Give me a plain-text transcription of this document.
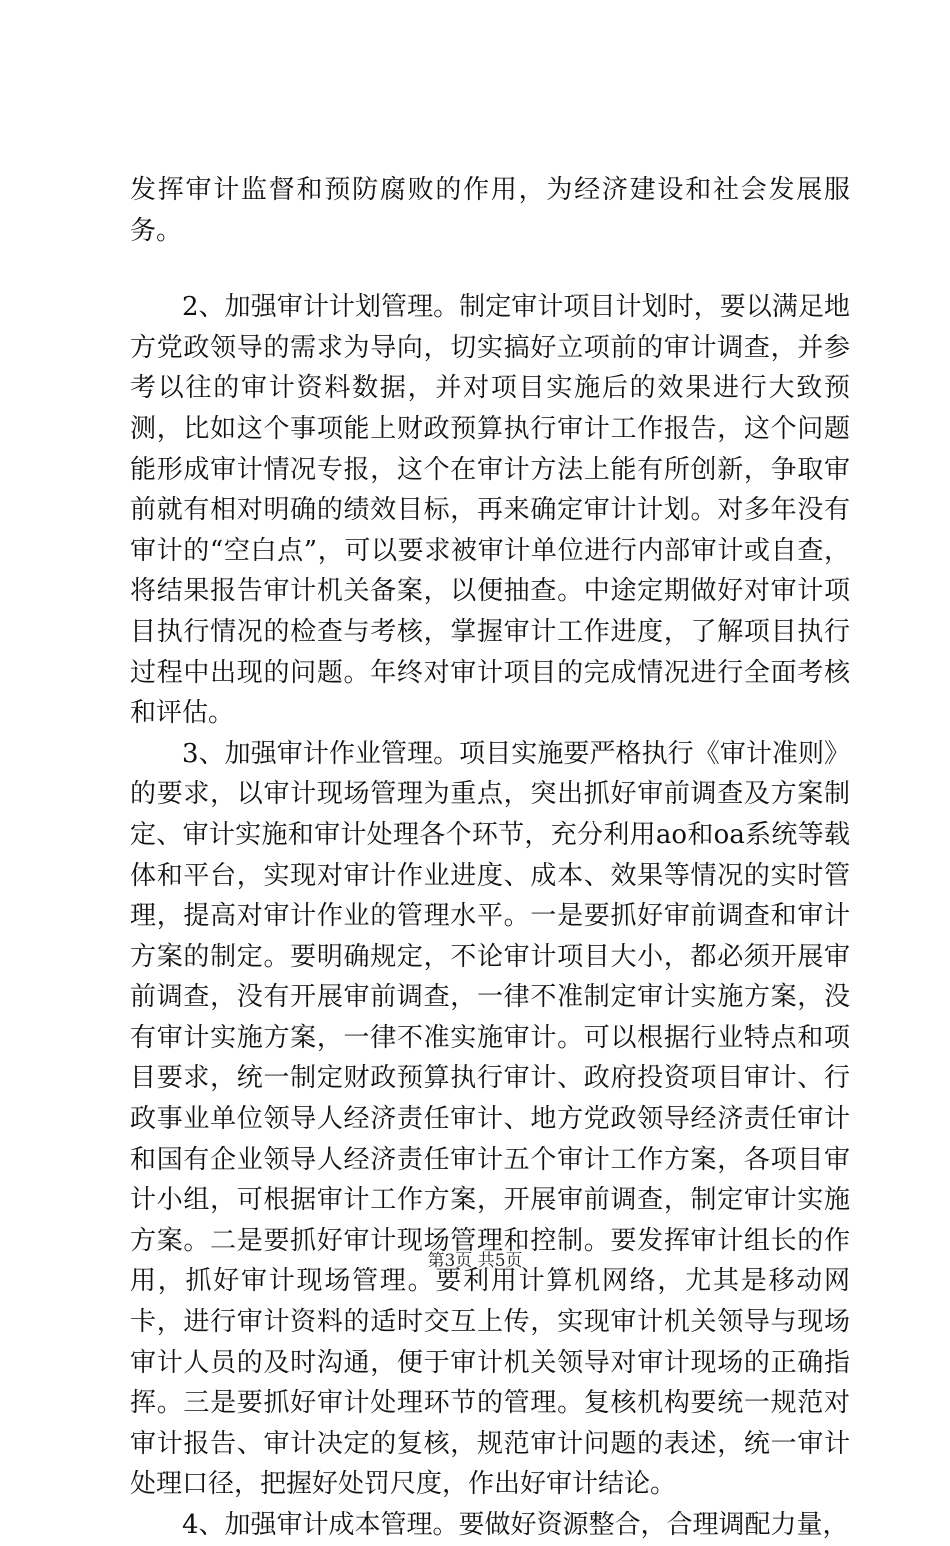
发挥审计监督和预防腐败的作用，为经济建设和社会发展服务。

2、加强审计计划管理。制定审计项目计划时，要以满足地方党政领导的需求为导向，切实搞好立项前的审计调查，并参考以往的审计资料数据，并对项目实施后的效果进行大致预测，比如这个事项能上财政预算执行审计工作报告，这个问题能形成审计情况专报，这个在审计方法上能有所创新，争取审前就有相对明确的绩效目标，再来确定审计计划。对多年没有审计的“空白点”，可以要求被审计单位进行内部审计或自查，将结果报告审计机关备案，以便抽查。中途定期做好对审计项目执行情况的检查与考核，掌握审计工作进度，了解项目执行过程中出现的问题。年终对审计项目的完成情况进行全面考核和评估。

3、加强审计作业管理。项目实施要严格执行《审计准则》的要求，以审计现场管理为重点，突出抓好审前调查及方案制定、审计实施和审计处理各个环节，充分利用ao和oa系统等载体和平台，实现对审计作业进度、成本、效果等情况的实时管理，提高对审计作业的管理水平。一是要抓好审前调查和审计方案的制定。要明确规定，不论审计项目大小，都必须开展审前调查，没有开展审前调查，一律不准制定审计实施方案，没有审计实施方案，一律不准实施审计。可以根据行业特点和项目要求，统一制定财政预算执行审计、政府投资项目审计、行政事业单位领导人经济责任审计、地方党政领导经济责任审计和国有企业领导人经济责任审计五个审计工作方案，各项目审计小组，可根据审计工作方案，开展审前调查，制定审计实施方案。二是要抓好审计现场管理和控制。要发挥审计组长的作用，抓好审计现场管理。要利用计算机网络，尤其是移动网卡，进行审计资料的适时交互上传，实现审计机关领导与现场审计人员的及时沟通，便于审计机关领导对审计现场的正确指挥。三是要抓好审计处理环节的管理。复核机构要统一规范对审计报告、审计决定的复核，规范审计问题的表述，统一审计处理口径，把握好处罚尺度，作出好审计结论。

4、加强审计成本管理。要做好资源整合，合理调配力量，

第3页 共5页
